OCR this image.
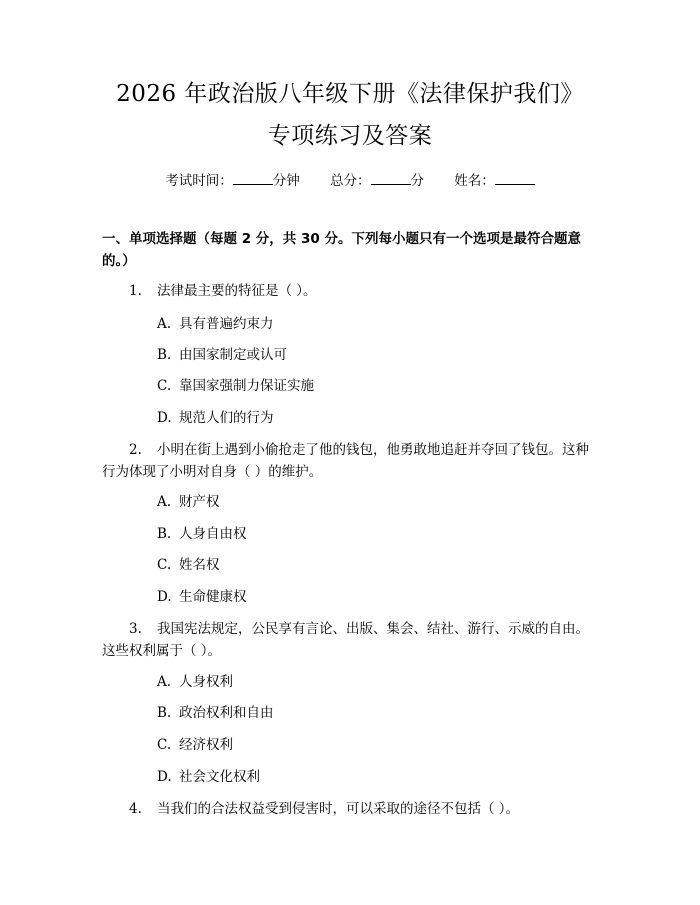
2026 年政治版八年级下册《法律保护我们》
专项练习及答案
考试时间：	分钟 总分：	分 姓名：
一、单项选择题（每题 2 分，共 30 分。下列每小题只有一个选项是最符合题意的。）
1. 法律最主要的特征是（ ）。
A. 具有普遍约束力
B. 由国家制定或认可
C. 靠国家强制力保证实施
D. 规范人们的行为
2. 小明在街上遇到小偷抢走了他的钱包，他勇敢地追赶并夺回了钱包。这种行为体现了小明对自身（ ）的维护。
A. 财产权
B. 人身自由权
C. 姓名权
D. 生命健康权
3. 我国宪法规定，公民享有言论、出版、集会、结社、游行、示威的自由。这些权利属于（ ）。
A. 人身权利
B. 政治权利和自由
C. 经济权利
D. 社会文化权利
4. 当我们的合法权益受到侵害时，可以采取的途径不包括（ ）。
